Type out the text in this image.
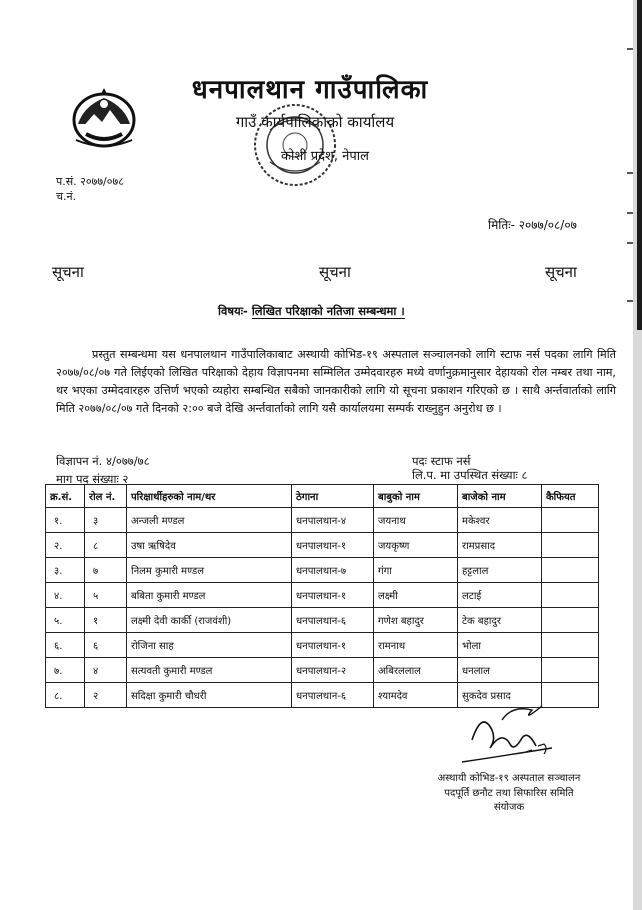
धनपालथान गाउँपालिका
गाउँ कार्यपालिकाको कार्यालय
कोशी प्रदेश, नेपाल
प.सं. २०७७/०७८
च.नं.
मितिः- २०७७/०८/०७
सूचना	सूचना	सूचना
विषयः- लिखित परिक्षाको नतिजा सम्बन्धमा ।
प्रस्तुत सम्बन्धमा यस धनपालथान गाउँपालिकाबाट अस्थायी कोभिड-१९ अस्पताल सञ्चालनको लागि स्टाफ नर्स पदका लागि मिति २०७७/०८/०७ गते लिईएको लिखित परिक्षाको देहाय विज्ञापनमा सम्मिलित उम्मेदवारहरु मध्ये वर्णानुक्रमानुसार देहायको रोल नम्बर तथा नाम, थर भएका उम्मेदवारहरु उत्तिर्ण भएको व्यहोरा सम्बन्धित सबैको जानकारीको लागि यो सूचना प्रकाशन गरिएको छ । साथै अर्न्तवार्ताको लागि मिति २०७७/०८/०७ गते दिनको २:०० बजे देखि अर्न्तवार्ताको लागि यसै कार्यालयमा सम्पर्क राख्नुहुन अनुरोध छ ।
विज्ञापन नं. ४/०७७/७८
माग पद संख्याः २
पदः स्टाफ नर्स
लि.प. मा उपस्थित संख्याः ८
क्र.सं.	रोल नं.	परिक्षार्थीहरुको नाम/थर	ठेगाना	बाबुको नाम	बाजेको नाम	कैफियत
१.	३	अन्जली मण्डल	धनपालथान-४	जयनाथ	मकेश्वर	
२.	८	उषा ऋषिदेव	धनपालथान-१	जयकृष्ण	रामप्रसाद	
३.	७	निलम कुमारी मण्डल	धनपालथान-७	गंगा	हट्टलाल	
४.	५	बबिता कुमारी मण्डल	धनपालथान-१	लक्ष्मी	लटाई	
५.	१	लक्ष्मी देवी कार्की (राजवंशी)	धनपालथान-६	गणेश बहादुर	टेक बहादुर	
६.	६	रोजिना साह	धनपालथान-१	रामनाथ	भोला	
७.	४	सत्यवती कुमारी मण्डल	धनपालथान-२	अबिरललाल	धनलाल	
८.	२	सदिक्षा कुमारी चौधरी	धनपालथान-६	श्यामदेव	सुकदेव प्रसाद	
अस्थायी कोभिड-१९ अस्पताल सञ्चालन
पदपूर्ति छनौट तथा सिफारिस समिति
संयोजक
